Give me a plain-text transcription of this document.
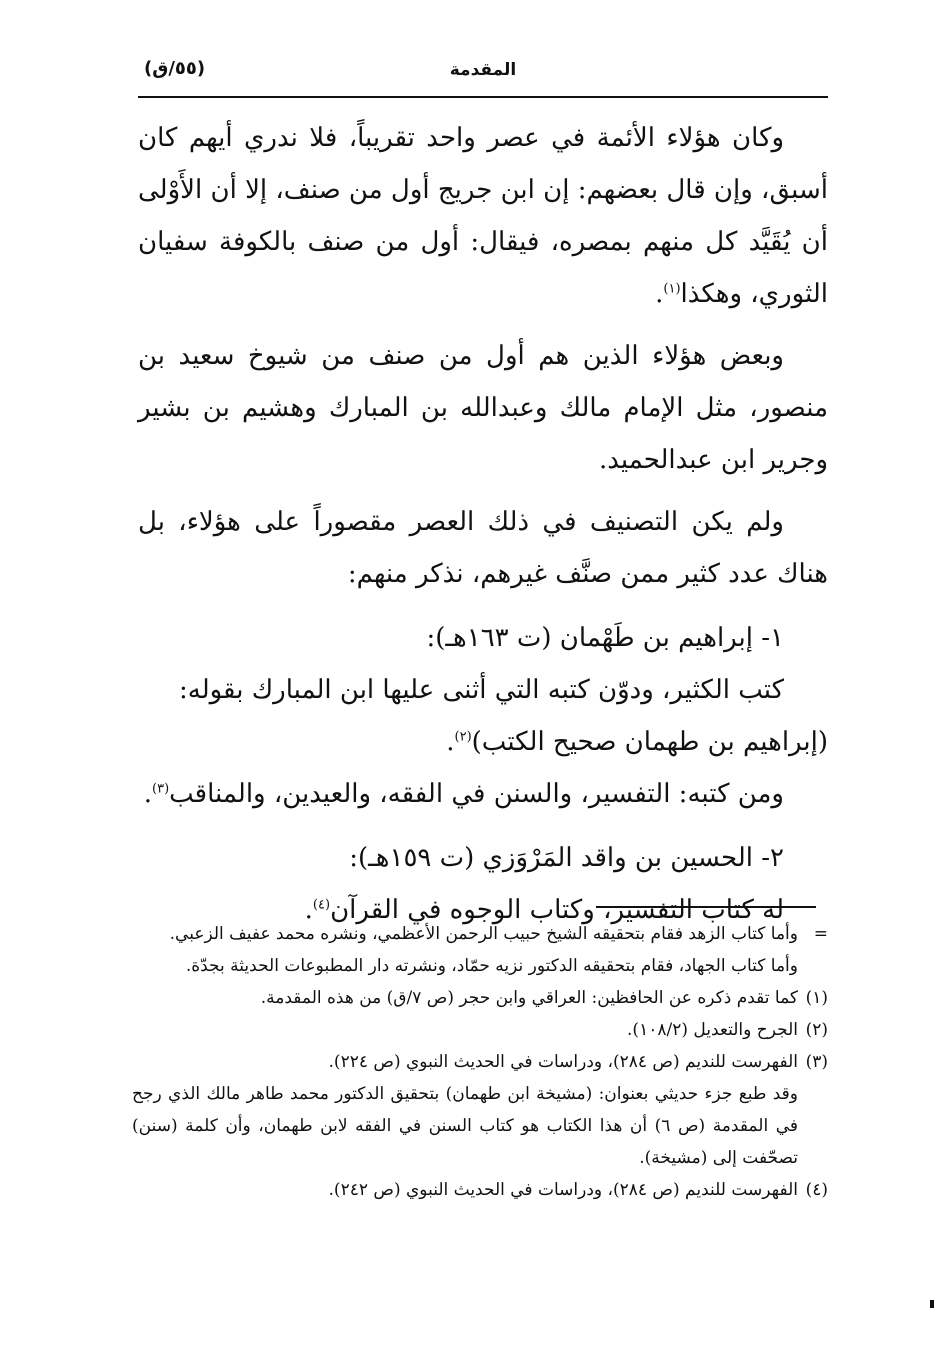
المقدمة
(٥٥/ق)

وكان هؤلاء الأئمة في عصر واحد تقريباً، فلا ندري أيهم كان أسبق، وإن قال بعضهم: إن ابن جريج أول من صنف، إلا أن الأَوْلى أن يُقَيَّد كل منهم بمصره، فيقال: أول من صنف بالكوفة سفيان الثوري، وهكذا$^{(١)}$.

وبعض هؤلاء الذين هم أول من صنف من شيوخ سعيد بن منصور، مثل الإمام مالك وعبدالله بن المبارك وهشيم بن بشير وجرير ابن عبدالحميد.

ولم يكن التصنيف في ذلك العصر مقصوراً على هؤلاء، بل هناك عدد كثير ممن صنَّف غيرهم، نذكر منهم:

١- إبراهيم بن طَهْمان (ت ١٦٣هـ):

كتب الكثير، ودوّن كتبه التي أثنى عليها ابن المبارك بقوله:

(إبراهيم بن طهمان صحيح الكتب)$^{(٢)}$.

ومن كتبه: التفسير، والسنن في الفقه، والعيدين، والمناقب$^{(٣)}$.

٢- الحسين بن واقد المَرْوَزي (ت ١٥٩هـ):

له كتاب التفسير، وكتاب الوجوه في القرآن$^{(٤)}$.

=

وأما كتاب الزهد فقام بتحقيقه الشيخ حبيب الرحمن الأعظمي، ونشره محمد عفيف الزعبي.

وأما كتاب الجهاد، فقام بتحقيقه الدكتور نزيه حمّاد، ونشرته دار المطبوعات الحديثة بجدّة.

(١)

كما تقدم ذكره عن الحافظين: العراقي وابن حجر (ص ٧/ق) من هذه المقدمة.

(٢)

الجرح والتعديل (١٠٨/٢).

(٣)

الفهرست للنديم (ص ٢٨٤)، ودراسات في الحديث النبوي (ص ٢٢٤).

وقد طبع جزء حديثي بعنوان: (مشيخة ابن طهمان) بتحقيق الدكتور محمد طاهر مالك الذي رجح في المقدمة (ص ٦) أن هذا الكتاب هو كتاب السنن في الفقه لابن طهمان، وأن كلمة (سنن) تصحّفت إلى (مشيخة).

(٤)

الفهرست للنديم (ص ٢٨٤)، ودراسات في الحديث النبوي (ص ٢٤٢).
